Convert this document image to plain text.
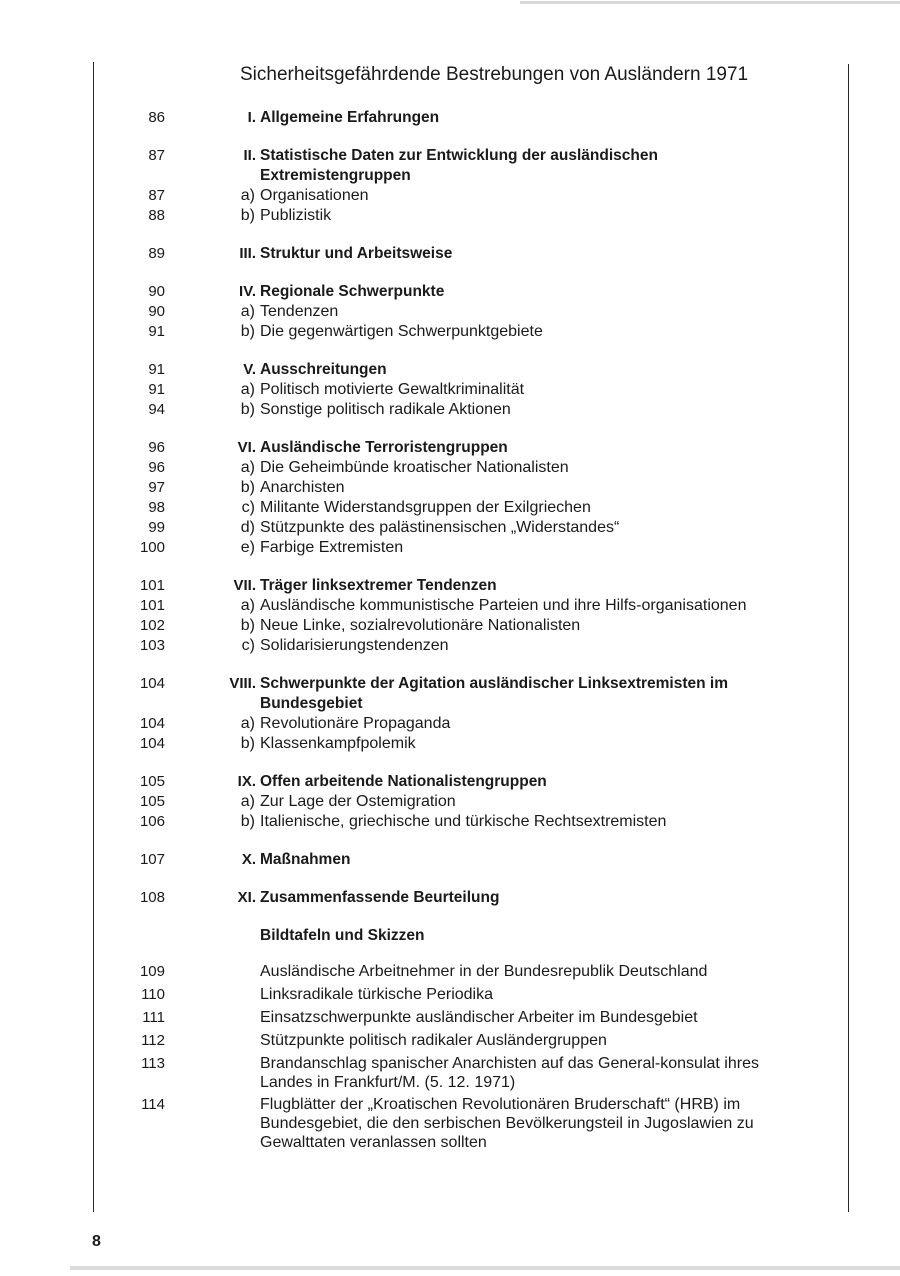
Sicherheitsgefährdende Bestrebungen von Ausländern 1971
86	I. Allgemeine Erfahrungen
87	II. Statistische Daten zur Entwicklung der ausländischen Extremistengruppen
87	a) Organisationen
88	b) Publizistik
89	III. Struktur und Arbeitsweise
90	IV. Regionale Schwerpunkte
90	a) Tendenzen
91	b) Die gegenwärtigen Schwerpunktgebiete
91	V. Ausschreitungen
91	a) Politisch motivierte Gewaltkriminalität
94	b) Sonstige politisch radikale Aktionen
96	VI. Ausländische Terroristengruppen
96	a) Die Geheimbünde kroatischer Nationalisten
97	b) Anarchisten
98	c) Militante Widerstandsgruppen der Exilgriechen
99	d) Stützpunkte des palästinensischen „Widerstandes“
100	e) Farbige Extremisten
101	VII. Träger linksextremer Tendenzen
101	a) Ausländische kommunistische Parteien und ihre Hilfs-organisationen
102	b) Neue Linke, sozialrevolutionäre Nationalisten
103	c) Solidarisierungstendenzen
104	VIII. Schwerpunkte der Agitation ausländischer Linksextremisten im Bundesgebiet
104	a) Revolutionäre Propaganda
104	b) Klassenkampfpolemik
105	IX. Offen arbeitende Nationalistengruppen
105	a) Zur Lage der Ostemigration
106	b) Italienische, griechische und türkische Rechtsextremisten
107	X. Maßnahmen
108	XI. Zusammenfassende Beurteilung
Bildtafeln und Skizzen
109	Ausländische Arbeitnehmer in der Bundesrepublik Deutschland
110	Linksradikale türkische Periodika
111	Einsatzschwerpunkte ausländischer Arbeiter im Bundesgebiet
112	Stützpunkte politisch radikaler Ausländergruppen
113	Brandanschlag spanischer Anarchisten auf das General-konsulat ihres Landes in Frankfurt/M. (5. 12. 1971)
114	Flugblätter der „Kroatischen Revolutionären Bruderschaft“ (HRB) im Bundesgebiet, die den serbischen Bevölkerungsteil in Jugoslawien zu Gewalttaten veranlassen sollten
8
